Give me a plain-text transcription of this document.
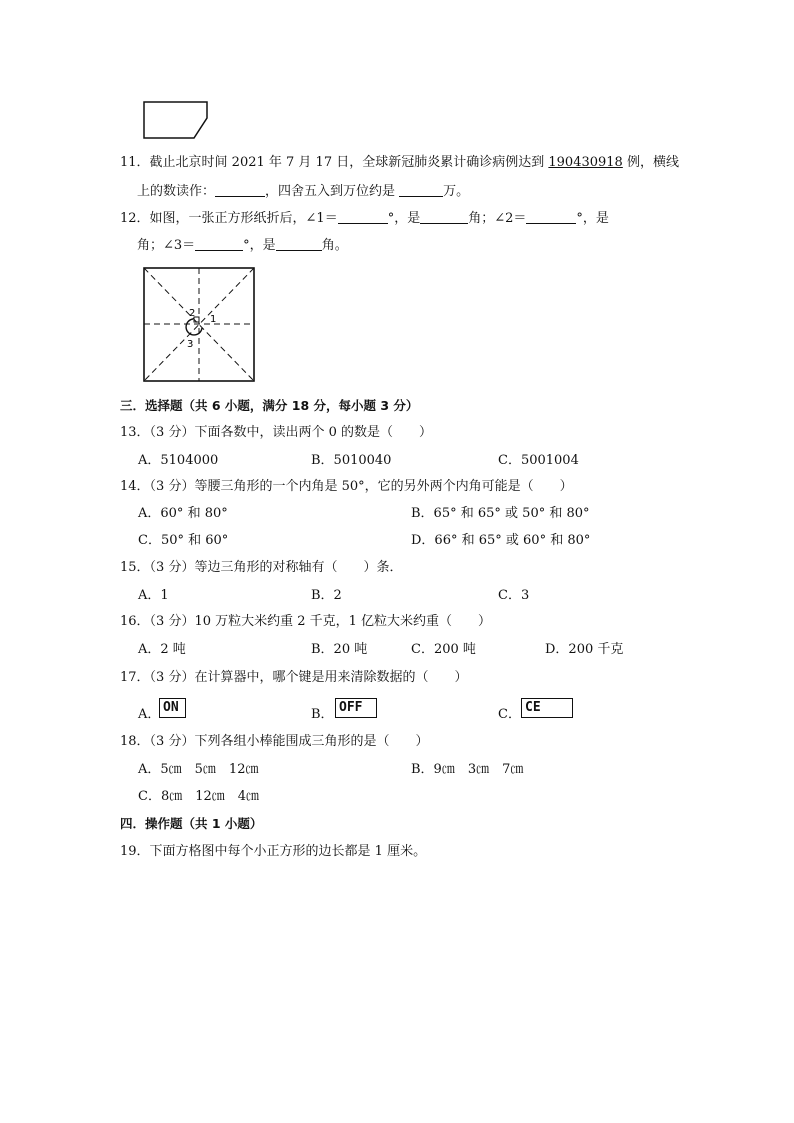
11．截止北京时间 2021 年 7 月 17 日，全球新冠肺炎累计确诊病例达到 190430918 例，横线
上的数读作：	，四舍五入到万位约是	万。
12．如图，一张正方形纸折后，∠1＝	°，是	角；∠2＝	°，是
角；∠3＝	°，是	角。
2
1
3
三．选择题（共 6 小题，满分 18 分，每小题 3 分）
13．（3 分）下面各数中，读出两个 0 的数是（　　）
A．5104000	B．5010040	C．5001004
14．（3 分）等腰三角形的一个内角是 50°，它的另外两个内角可能是（　　）
A．60° 和 80°	B．65° 和 65° 或 50° 和 80°
C．50° 和 60°	D．66° 和 65° 或 60° 和 80°
15．（3 分）等边三角形的对称轴有（　　）条．
A．1	B．2	C．3
16．（3 分）10 万粒大米约重 2 千克，1 亿粒大米约重（　　）
A．2 吨	B．20 吨	C．200 吨	D．200 千克
17．（3 分）在计算器中，哪个键是用来清除数据的（　　）
A． ON	B． OFF	C． CE
18．（3 分）下列各组小棒能围成三角形的是（　　）
A．5㎝　5㎝　12㎝	B．9㎝　3㎝　7㎝
C．8㎝　12㎝　4㎝
四．操作题（共 1 小题）
19．下面方格图中每个小正方形的边长都是 1 厘米。
